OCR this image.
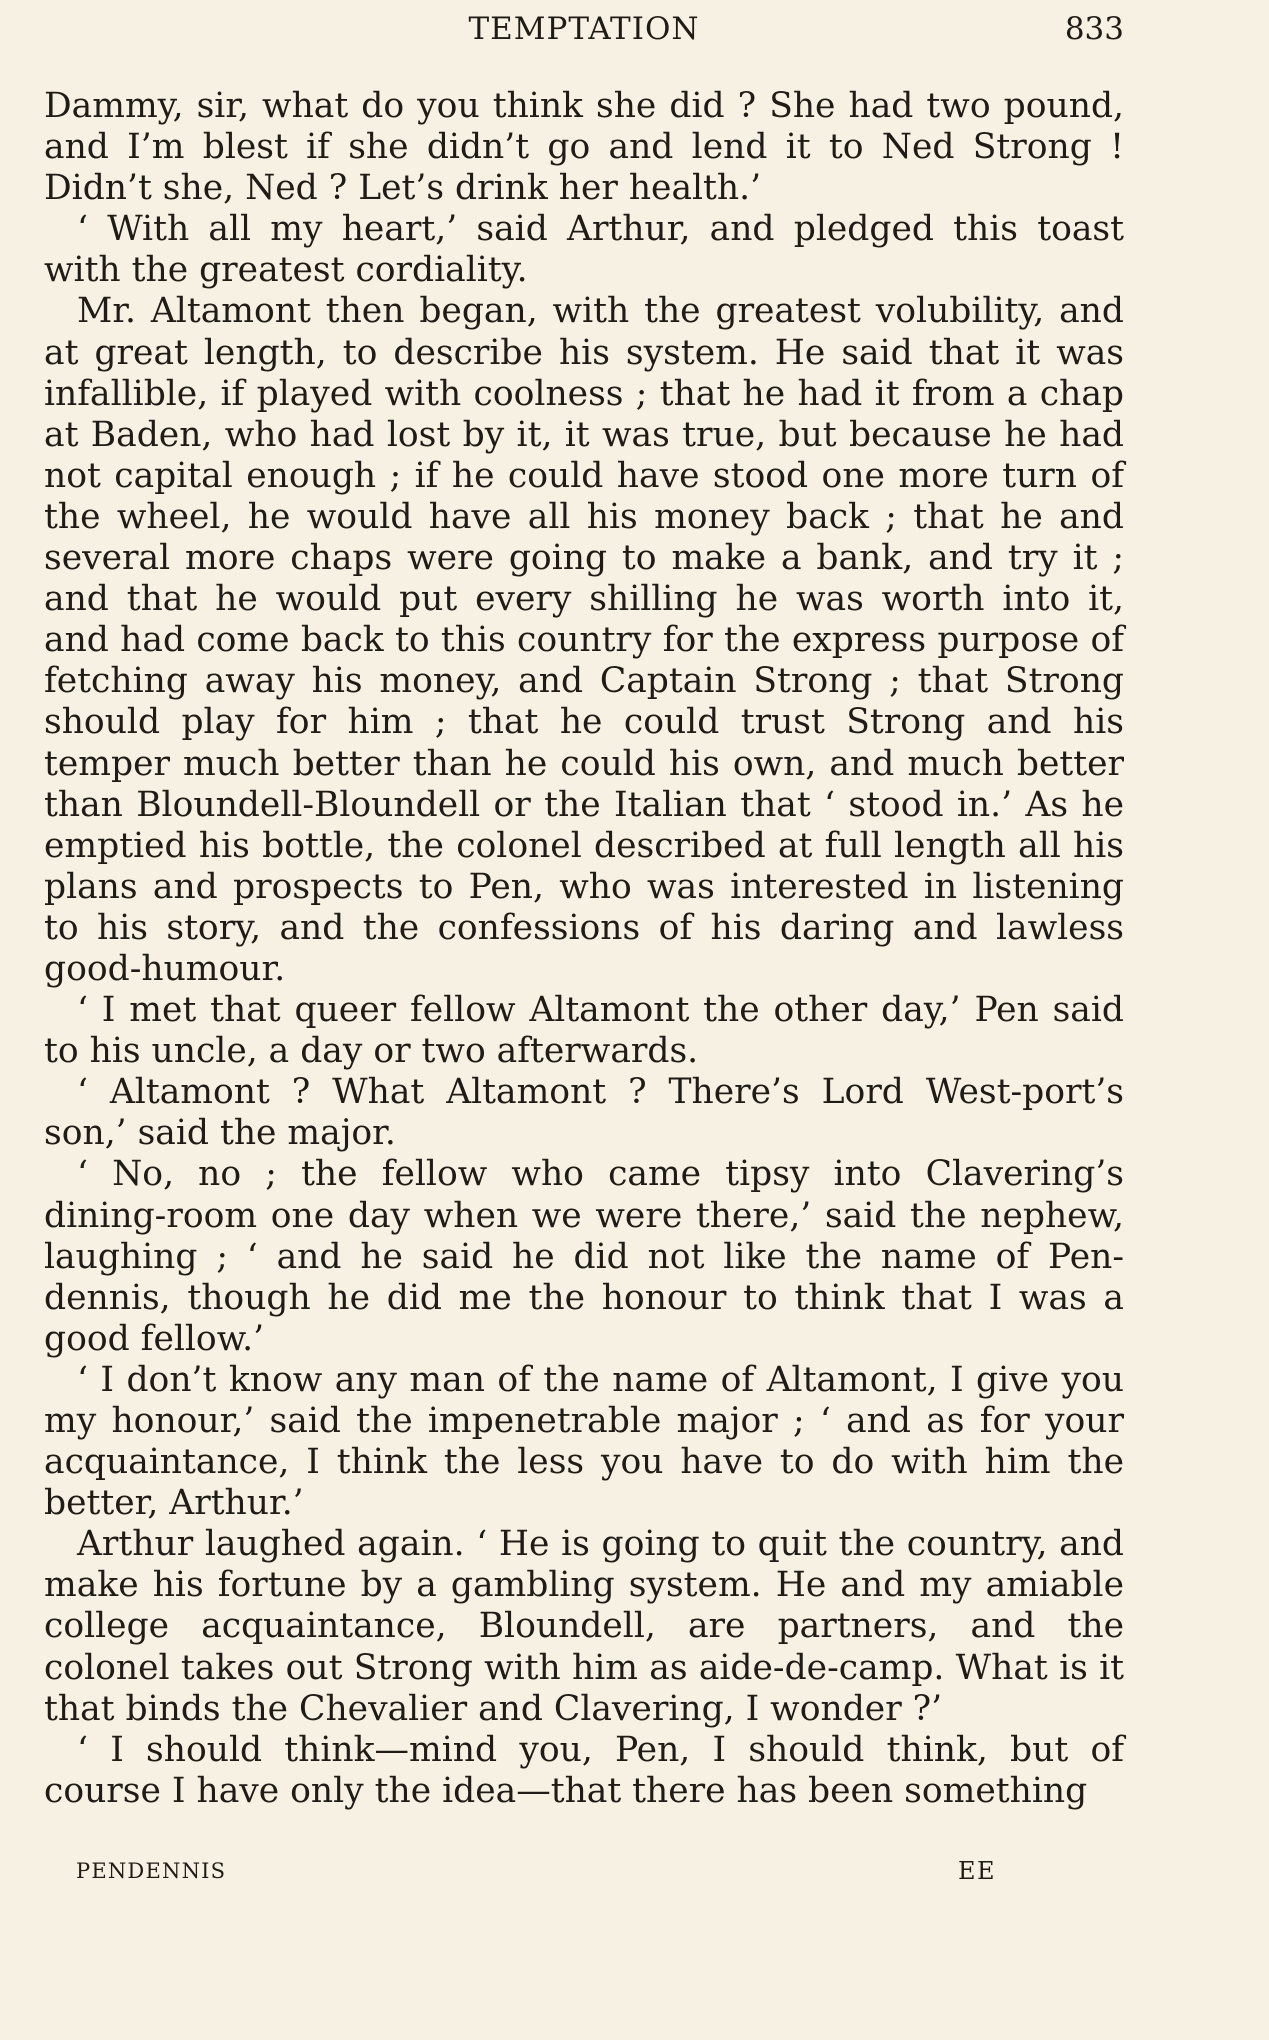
TEMPTATION	833

Dammy, sir, what do you think she did ? She had two pound, and I’m blest if she didn’t go and lend it to Ned Strong ! Didn’t she, Ned ? Let’s drink her health.’

‘ With all my heart,’ said Arthur, and pledged this toast with the greatest cordiality.

Mr. Altamont then began, with the greatest volubility, and at great length, to describe his system. He said that it was infallible, if played with coolness ; that he had it from a chap at Baden, who had lost by it, it was true, but because he had not capital enough ; if he could have stood one more turn of the wheel, he would have all his money back ; that he and several more chaps were going to make a bank, and try it ; and that he would put every shilling he was worth into it, and had come back to this country for the express purpose of fetching away his money, and Captain Strong ; that Strong should play for him ; that he could trust Strong and his temper much better than he could his own, and much better than Bloundell-Bloundell or the Italian that ‘ stood in.’ As he emptied his bottle, the colonel described at full length all his plans and prospects to Pen, who was interested in listening to his story, and the confessions of his daring and lawless good-humour.

‘ I met that queer fellow Altamont the other day,’ Pen said to his uncle, a day or two afterwards.

‘ Altamont ? What Altamont ? There’s Lord West-port’s son,’ said the major.

‘ No, no ; the fellow who came tipsy into Clavering’s dining-room one day when we were there,’ said the nephew, laughing ; ‘ and he said he did not like the name of Pen-dennis, though he did me the honour to think that I was a good fellow.’

‘ I don’t know any man of the name of Altamont, I give you my honour,’ said the impenetrable major ; ‘ and as for your acquaintance, I think the less you have to do with him the better, Arthur.’

Arthur laughed again. ‘ He is going to quit the country, and make his fortune by a gambling system. He and my amiable college acquaintance, Bloundell, are partners, and the colonel takes out Strong with him as aide-de-camp. What is it that binds the Chevalier and Clavering, I wonder ?’

‘ I should think—mind you, Pen, I should think, but of course I have only the idea—that there has been something

PENDENNIS	EE
